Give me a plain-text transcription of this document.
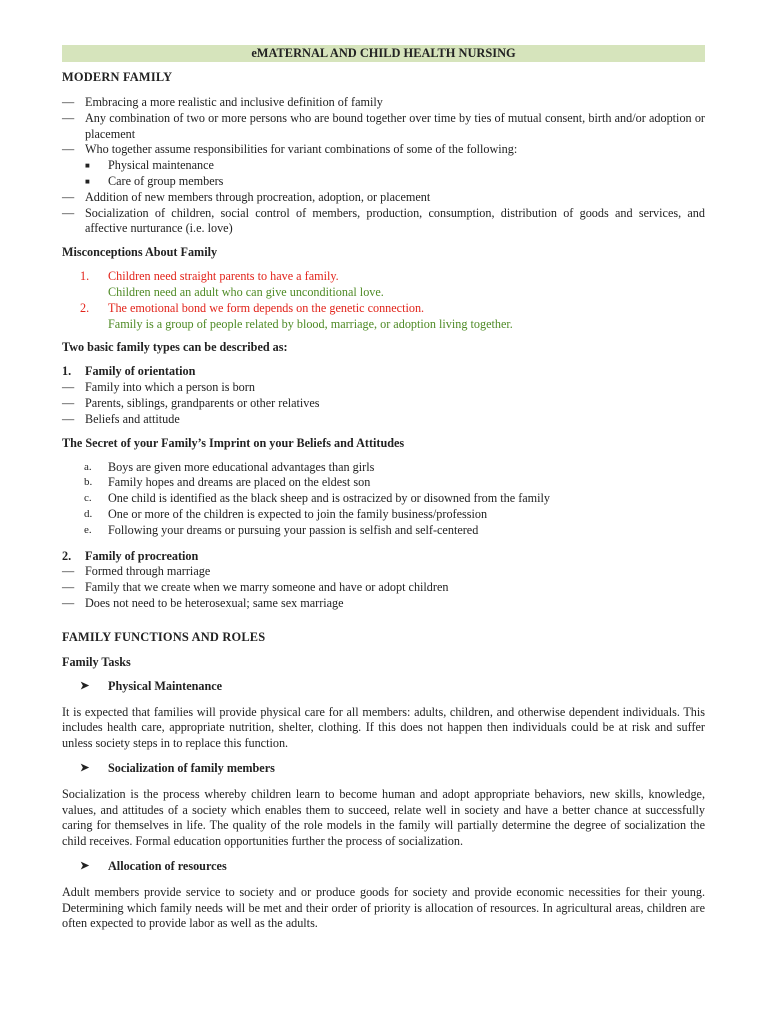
eMATERNAL AND CHILD HEALTH NURSING
MODERN FAMILY
— Embracing a more realistic and inclusive definition of family
— Any combination of two or more persons who are bound together over time by ties of mutual consent, birth and/or adoption or placement
— Who together assume responsibilities for variant combinations of some of the following:
■	Physical maintenance
■	Care of group members
— Addition of new members through procreation, adoption, or placement
— Socialization of children, social control of members, production, consumption, distribution of goods and services, and affective nurturance (i.e. love)
Misconceptions About Family
1.	Children need straight parents to have a family.
Children need an adult who can give unconditional love.
2.	The emotional bond we form depends on the genetic connection.
Family is a group of people related by blood, marriage, or adoption living together.
Two basic family types can be described as:
1.	Family of orientation
— Family into which a person is born
— Parents, siblings, grandparents or other relatives
— Beliefs and attitude
The Secret of your Family’s Imprint on your Beliefs and Attitudes
a.	Boys are given more educational advantages than girls
b.	Family hopes and dreams are placed on the eldest son
c.	One child is identified as the black sheep and is ostracized by or disowned from the family
d.	One or more of the children is expected to join the family business/profession
e.	Following your dreams or pursuing your passion is selfish and self-centered
2.	Family of procreation
— Formed through marriage
— Family that we create when we marry someone and have or adopt children
— Does not need to be heterosexual; same sex marriage
FAMILY FUNCTIONS AND ROLES
Family Tasks
➤	Physical Maintenance
It is expected that families will provide physical care for all members: adults, children, and otherwise dependent individuals. This includes health care, appropriate nutrition, shelter, clothing. If this does not happen then individuals could be at risk and suffer unless society steps in to replace this function.
➤	Socialization of family members
Socialization is the process whereby children learn to become human and adopt appropriate behaviors, new skills, knowledge, values, and attitudes of a society which enables them to succeed, relate well in society and have a better chance at successfully caring for themselves in life. The quality of the role models in the family will partially determine the degree of socialization the child receives. Formal education opportunities further the process of socialization.
➤	Allocation of resources
Adult members provide service to society and or produce goods for society and provide economic necessities for their young. Determining which family needs will be met and their order of priority is allocation of resources. In agricultural areas, children are often expected to provide labor as well as the adults.
